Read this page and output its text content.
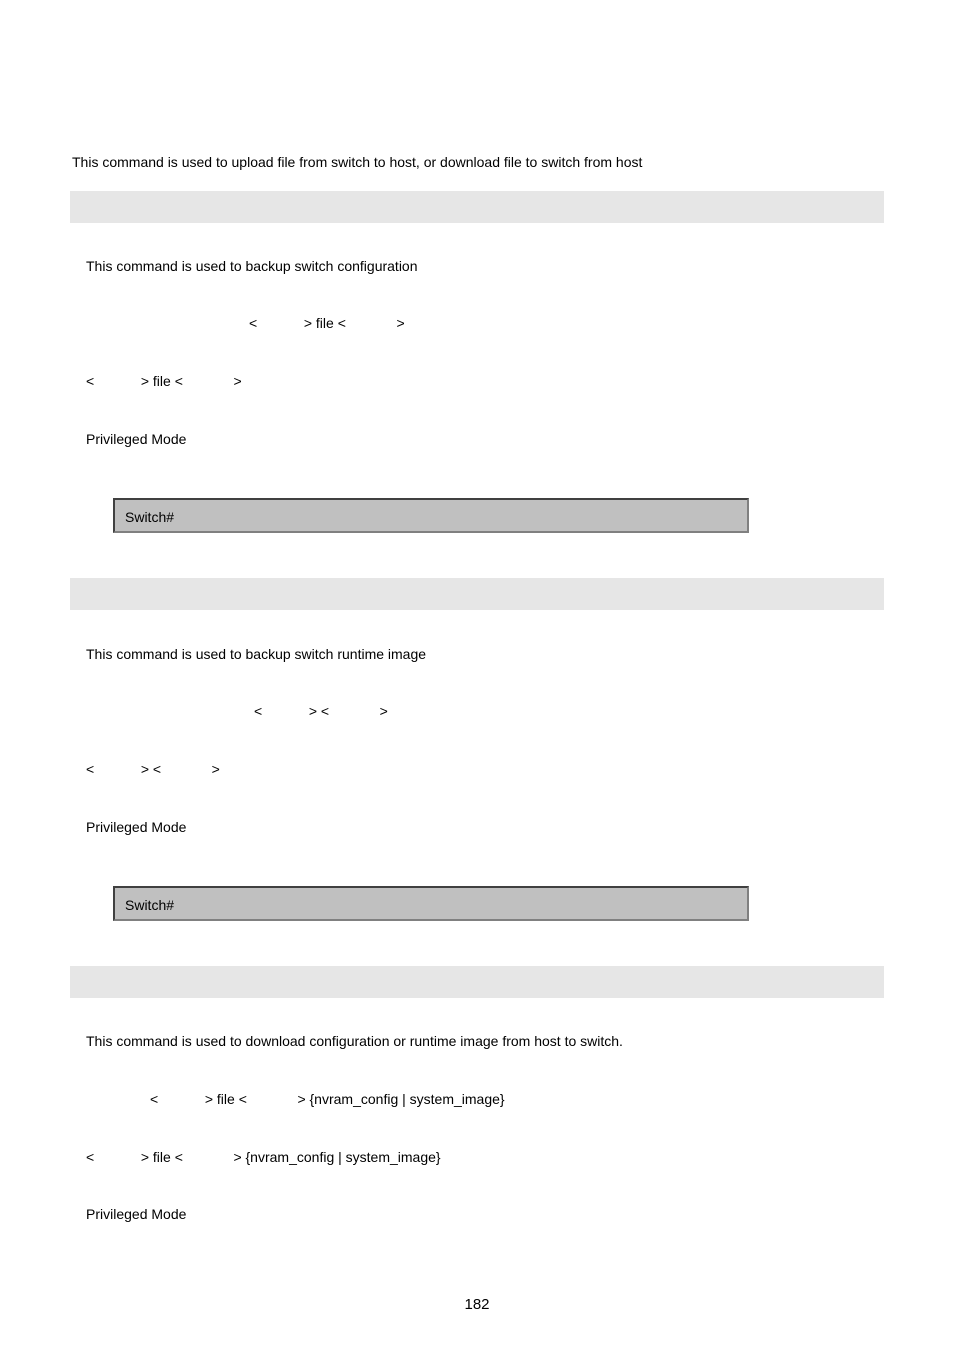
This command is used to upload file from switch to host, or download file to switch from host
This command is used to backup switch configuration
<            > file <             >
<            > file <             >
Privileged Mode
Switch#
This command is used to backup switch runtime image
<            > <             >
<            > <             >
Privileged Mode
Switch#
This command is used to download configuration or runtime image from host to switch.
<            > file <             > {nvram_config | system_image}
<            > file <             > {nvram_config | system_image}
Privileged Mode
182
